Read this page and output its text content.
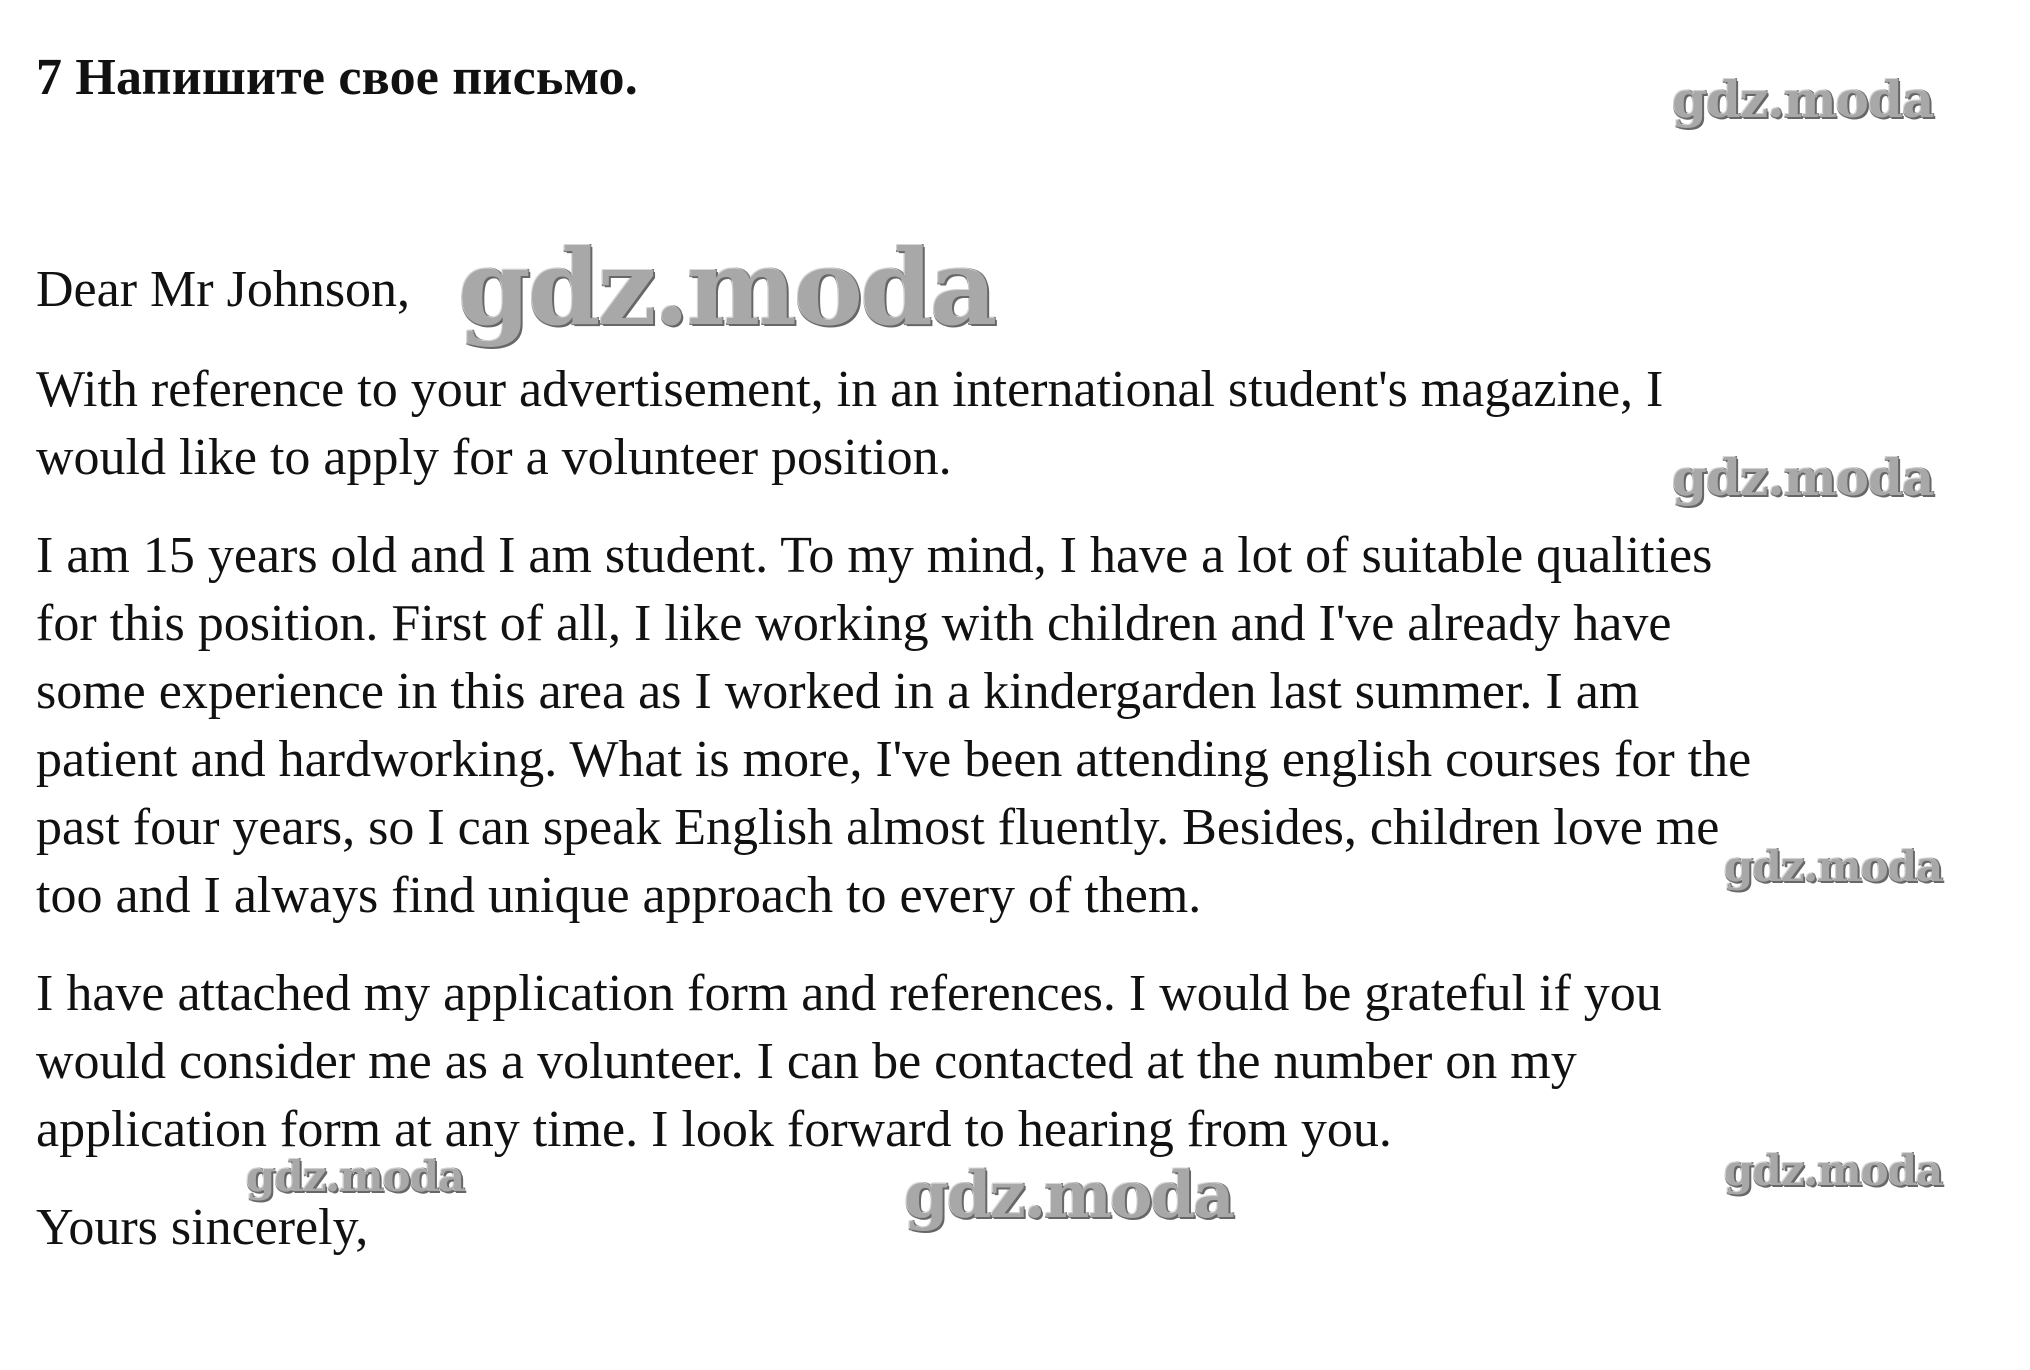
7 Напишите свое письмо.

Dear Mr Johnson,

With reference to your advertisement, in an international student's magazine, I
would like to apply for a volunteer position.

I am 15 years old and I am student. To my mind, I have a lot of suitable qualities
for this position. First of all, I like working with children and I've already have
some experience in this area as I worked in a kindergarden last summer. I am
patient and hardworking. What is more, I've been attending english courses for the
past four years, so I can speak English almost fluently. Besides, children love me
too and I always find unique approach to every of them.

I have attached my application form and references. I would be grateful if you
would consider me as a volunteer. I can be contacted at the number on my
application form at any time. I look forward to hearing from you.

Yours sincerely,

gdz.moda
gdz.moda
gdz.moda
gdz.moda
gdz.moda	gdz.moda	gdz.moda
